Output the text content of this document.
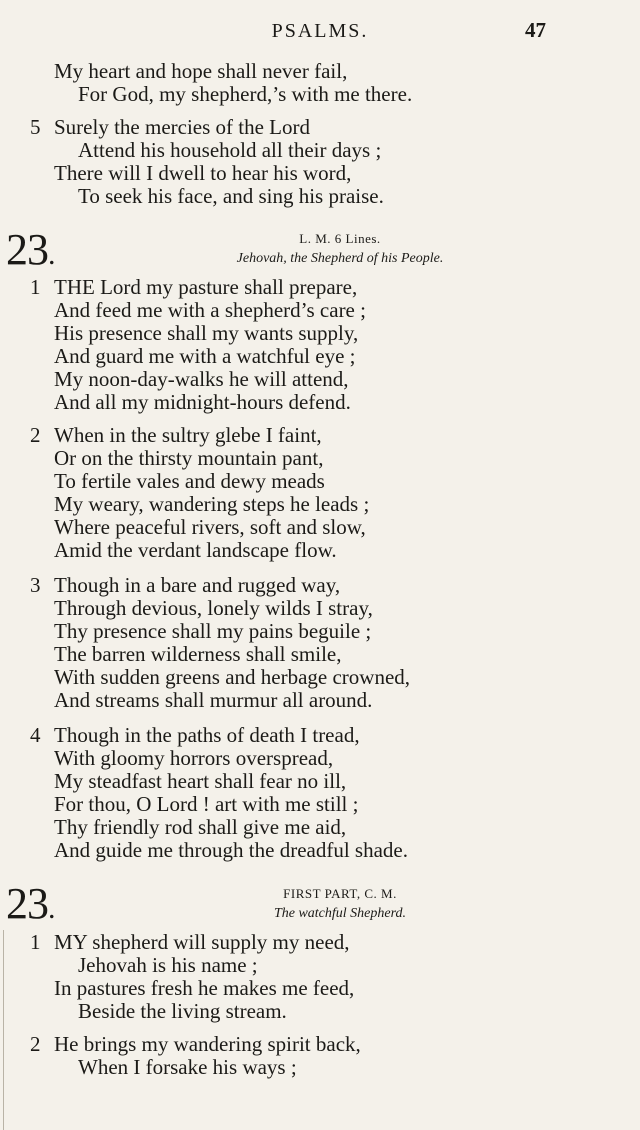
PSALMS.	47
My heart and hope shall never fail,
For God, my shepherd,’s with me there.
5 Surely the mercies of the Lord
Attend his household all their days ;
There will I dwell to hear his word,
To seek his face, and sing his praise.
23.	L. M. 6 Lines.
Jehovah, the Shepherd of his People.
1 THE Lord my pasture shall prepare,
And feed me with a shepherd’s care ;
His presence shall my wants supply,
And guard me with a watchful eye ;
My noon-day-walks he will attend,
And all my midnight-hours defend.
2 When in the sultry glebe I faint,
Or on the thirsty mountain pant,
To fertile vales and dewy meads
My weary, wandering steps he leads ;
Where peaceful rivers, soft and slow,
Amid the verdant landscape flow.
3 Though in a bare and rugged way,
Through devious, lonely wilds I stray,
Thy presence shall my pains beguile ;
The barren wilderness shall smile,
With sudden greens and herbage crowned,
And streams shall murmur all around.
4 Though in the paths of death I tread,
With gloomy horrors overspread,
My steadfast heart shall fear no ill,
For thou, O Lord ! art with me still ;
Thy friendly rod shall give me aid,
And guide me through the dreadful shade.
23.	FIRST PART, C. M.
The watchful Shepherd.
1 MY shepherd will supply my need,
Jehovah is his name ;
In pastures fresh he makes me feed,
Beside the living stream.
2 He brings my wandering spirit back,
When I forsake his ways ;
